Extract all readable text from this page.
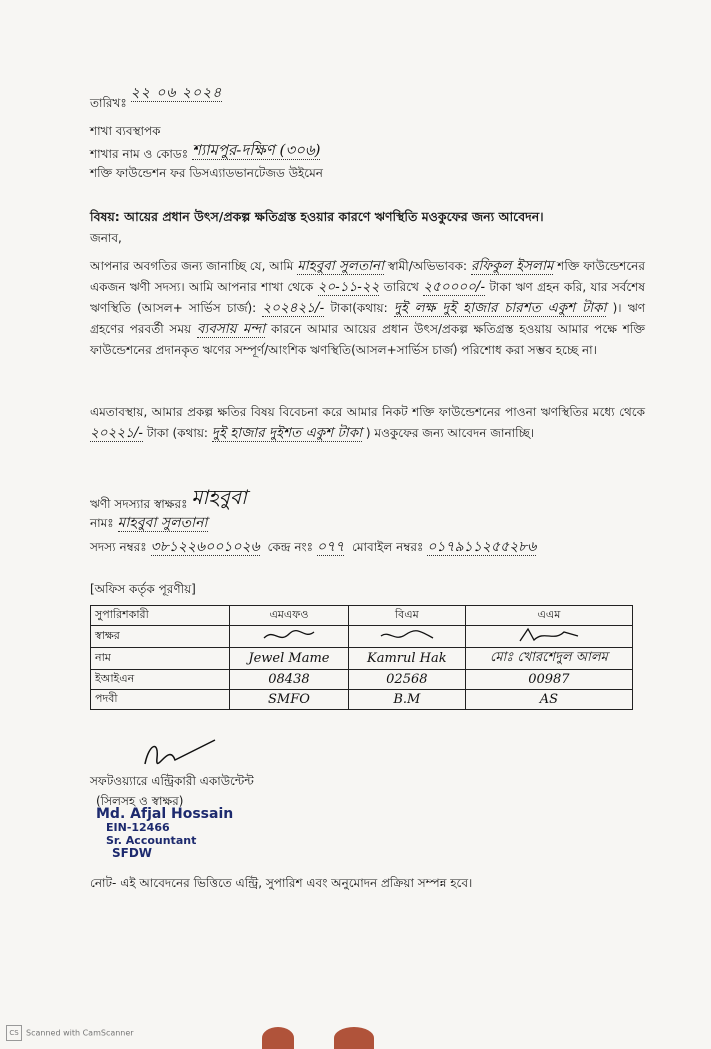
তারিখঃ ২২ ০৬ ২০২৪
শাখা ব্যবস্থাপক
শাখার নাম ও কোডঃ শ্যামপুর-দক্ষিণ (৩০৬)
শক্তি ফাউন্ডেশন ফর ডিসএ্যাডভানটেজড উইমেন
বিষয়: আয়ের প্রধান উৎস/প্রকল্প ক্ষতিগ্রস্ত হওয়ার কারণে ঋণস্থিতি মওকুফের জন্য আবেদন।
জনাব,
আপনার অবগতির জন্য জানাচ্ছি যে, আমি মাহবুবা সুলতানা স্বামী/অভিভাবক: রফিকুল ইসলাম শক্তি ফাউন্ডেশনের একজন ঋণী সদস্য। আমি আপনার শাখা থেকে ২০-১১-২২ তারিখে ২৫০০০০/- টাকা ঋণ গ্রহন করি, যার সর্বশেষ ঋণস্থিতি (আসল+ সার্ভিস চার্জ): ২০২৪২১/- টাকা(কথায়: দুই লক্ষ দুই হাজার চারশত একুশ টাকা )। ঋণ গ্রহণের পরবর্তী সময় ব্যবসায় মন্দা কারনে আমার আয়ের প্রধান উৎস/প্রকল্প ক্ষতিগ্রস্ত হওয়ায় আমার পক্ষে শক্তি ফাউন্ডেশনের প্রদানকৃত ঋণের সম্পূর্ণ/আংশিক ঋণস্থিতি(আসল+সার্ভিস চার্জ) পরিশোধ করা সম্ভব হচ্ছে না।
এমতাবস্থায়, আমার প্রকল্প ক্ষতির বিষয় বিবেচনা করে আমার নিকট শক্তি ফাউন্ডেশনের পাওনা ঋণস্থিতির মধ্যে থেকে ২০২২১/- টাকা (কথায়: দুই হাজার দুইশত একুশ টাকা ) মওকুফের জন্য আবেদন জানাচ্ছি।
ঋণী সদস্যার স্বাক্ষরঃ মাহবুবা
নামঃ মাহবুবা সুলতানা
সদস্য নম্বরঃ ৩৮১২২৬০০১০২৬ কেন্দ্র নংঃ ০৭৭ মোবাইল নম্বরঃ ০১৭৯১১২৫৫২৮৬
[অফিস কর্তৃক পূরণীয়]
সুপারিশকারী	এমএফও	বিএম	এএম
স্বাক্ষর			
নাম	Jewel Mame	Kamrul Hak	মোঃ খোরশেদুল আলম
ইআইএন	08438	02568	00987
পদবী	SMFO	B.M	AS
সফটওয়্যারে এন্ট্রিকারী একাউন্টেন্ট
(সিলসহ ও স্বাক্ষর)
Md. Afjal Hossain
EIN-12466
Sr. Accountant
SFDW
নোট- এই আবেদনের ভিত্তিতে এন্ট্রি, সুপারিশ এবং অনুমোদন প্রক্রিয়া সম্পন্ন হবে।
CS Scanned with CamScanner
